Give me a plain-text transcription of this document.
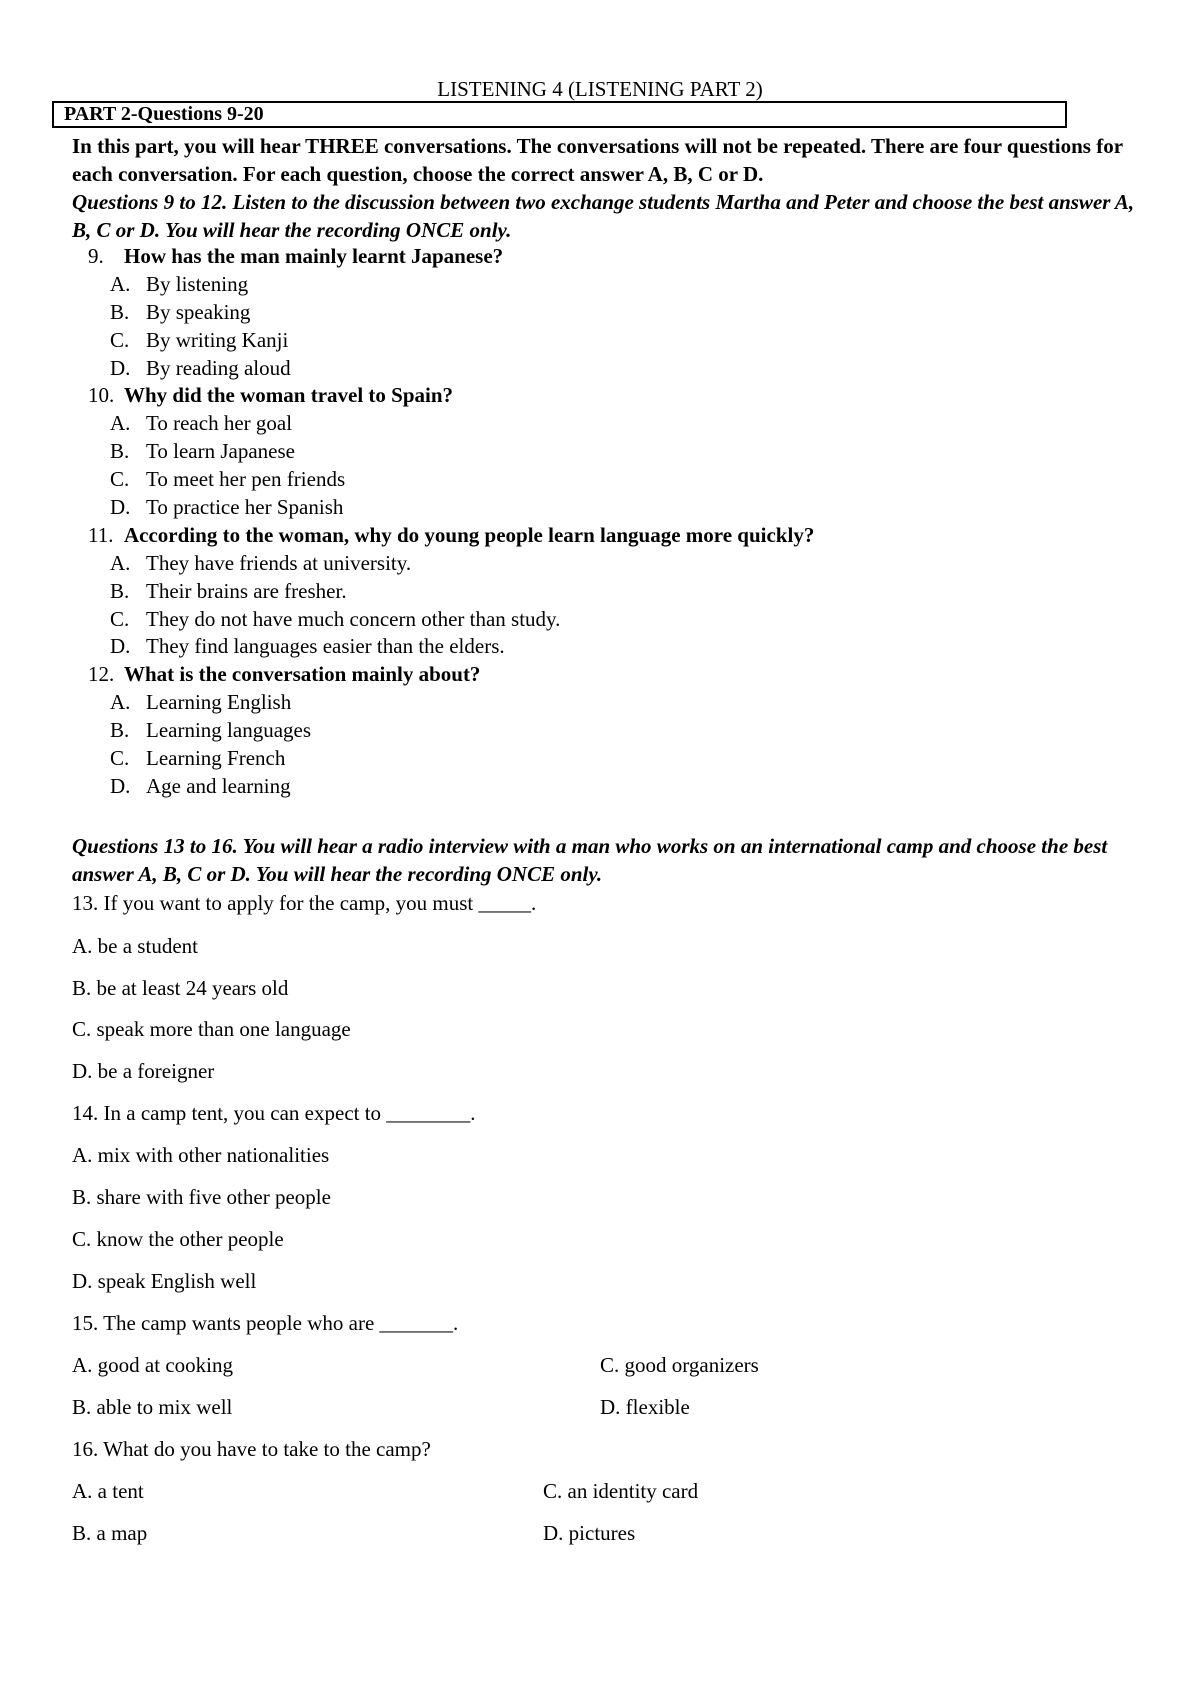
LISTENING 4 (LISTENING PART 2)
PART 2-Questions 9-20
In this part, you will hear THREE conversations. The conversations will not be repeated. There are four questions for each conversation. For each question, choose the correct answer A, B, C or D.
Questions 9 to 12. Listen to the discussion between two exchange students Martha and Peter and choose the best answer A, B, C or D. You will hear the recording ONCE only.
9. How has the man mainly learnt Japanese?
A. By listening
B. By speaking
C. By writing Kanji
D. By reading aloud
10. Why did the woman travel to Spain?
A. To reach her goal
B. To learn Japanese
C. To meet her pen friends
D. To practice her Spanish
11. According to the woman, why do young people learn language more quickly?
A. They have friends at university.
B. Their brains are fresher.
C. They do not have much concern other than study.
D. They find languages easier than the elders.
12. What is the conversation mainly about?
A. Learning English
B. Learning languages
C. Learning French
D. Age and learning
Questions 13 to 16. You will hear a radio interview with a man who works on an international camp and choose the best answer A, B, C or D. You will hear the recording ONCE only.
13. If you want to apply for the camp, you must _____.
A. be a student
B. be at least 24 years old
C. speak more than one language
D. be a foreigner
14. In a camp tent, you can expect to ________.
A. mix with other nationalities
B. share with five other people
C. know the other people
D. speak English well
15. The camp wants people who are _______.
A. good at cooking	C. good organizers
B. able to mix well	D. flexible
16. What do you have to take to the camp?
A. a tent	C. an identity card
B. a map	D. pictures
